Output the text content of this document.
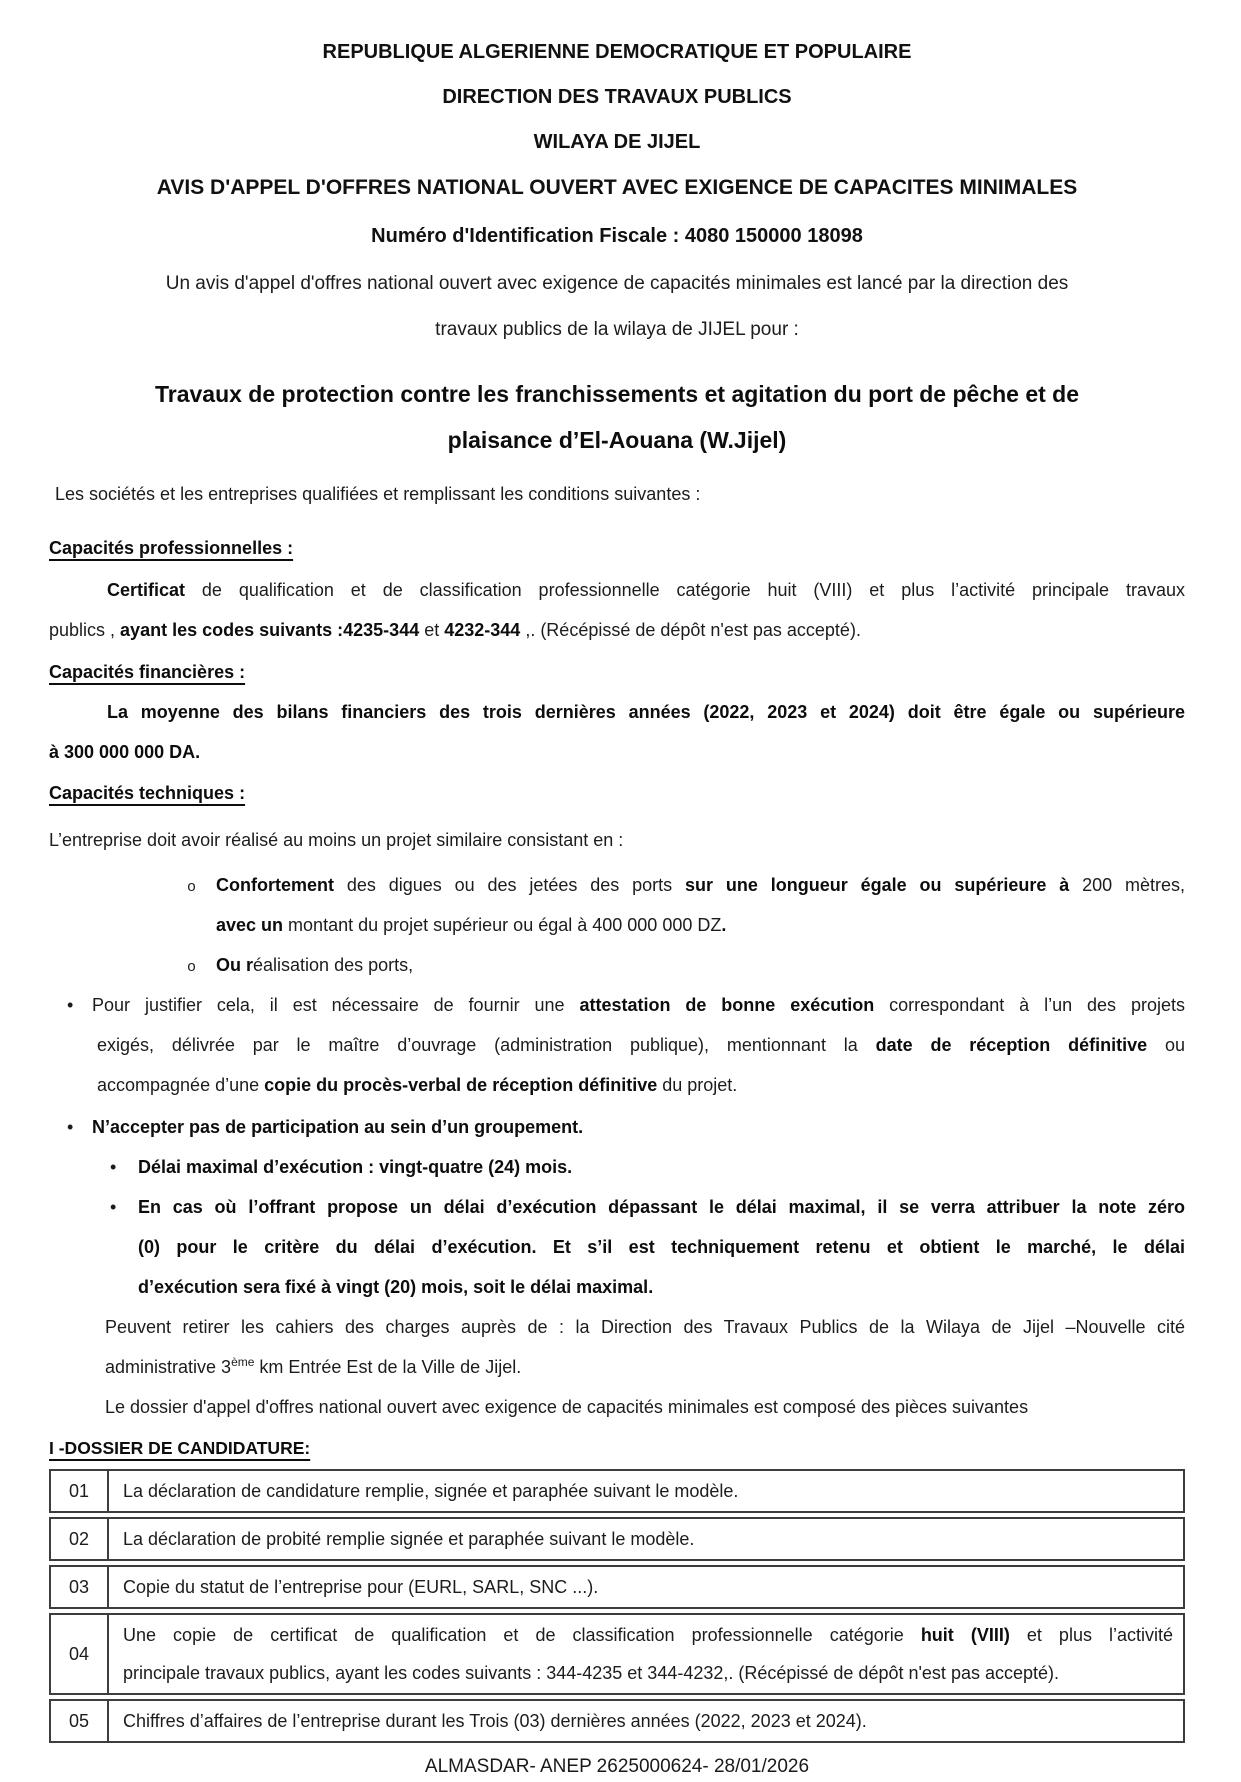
REPUBLIQUE ALGERIENNE DEMOCRATIQUE ET POPULAIRE
DIRECTION DES TRAVAUX PUBLICS
WILAYA DE JIJEL
AVIS D'APPEL D'OFFRES NATIONAL OUVERT AVEC EXIGENCE DE CAPACITES MINIMALES
Numéro d'Identification Fiscale : 4080 150000 18098
Un avis d'appel d'offres national ouvert avec exigence de capacités minimales est lancé par la direction des
travaux publics de la wilaya de JIJEL pour :
Travaux de protection contre les franchissements et agitation du port de pêche et de
plaisance d’El-Aouana (W.Jijel)
Les sociétés et les entreprises qualifiées et remplissant les conditions suivantes :
Capacités professionnelles :
Certificat de qualification et de classification professionnelle catégorie huit (VIII) et plus l’activité principale travaux
publics , ayant les codes suivants :4235-344 et 4232-344 ,. (Récépissé de dépôt n'est pas accepté).
Capacités financières :
La moyenne des bilans financiers des trois dernières années (2022, 2023 et 2024) doit être égale ou supérieure
à 300 000 000 DA.
Capacités techniques :
L’entreprise doit avoir réalisé au moins un projet similaire consistant en :
o Confortement des digues ou des jetées des ports sur une longueur égale ou supérieure à 200 mètres,
avec un montant du projet supérieur ou égal à 400 000 000 DZ.
o Ou réalisation des ports,
• Pour justifier cela, il est nécessaire de fournir une attestation de bonne exécution correspondant à l’un des projets
exigés, délivrée par le maître d’ouvrage (administration publique), mentionnant la date de réception définitive ou
accompagnée d’une copie du procès-verbal de réception définitive du projet.
• N’accepter pas de participation au sein d’un groupement.
• Délai maximal d’exécution : vingt-quatre (24) mois.
• En cas où l’offrant propose un délai d’exécution dépassant le délai maximal, il se verra attribuer la note zéro
(0) pour le critère du délai d’exécution. Et s’il est techniquement retenu et obtient le marché, le délai
d’exécution sera fixé à vingt (20) mois, soit le délai maximal.
Peuvent retirer les cahiers des charges auprès de : la Direction des Travaux Publics de la Wilaya de Jijel –Nouvelle cité
administrative 3ème km Entrée Est de la Ville de Jijel.
Le dossier d'appel d'offres national ouvert avec exigence de capacités minimales est composé des pièces suivantes
I -DOSSIER DE CANDIDATURE:
01	La déclaration de candidature remplie, signée et paraphée suivant le modèle.

02	La déclaration de probité remplie signée et paraphée suivant le modèle.

03	Copie du statut de l’entreprise pour (EURL, SARL, SNC ...).

04	Une copie de certificat de qualification et de classification professionnelle catégorie huit (VIII) et plus l’activité
principale travaux publics, ayant les codes suivants : 344-4235 et 344-4232,. (Récépissé de dépôt n'est pas accepté).

05	Chiffres d’affaires de l’entreprise durant les Trois (03) dernières années (2022, 2023 et 2024).
ALMASDAR- ANEP 2625000624- 28/01/2026
